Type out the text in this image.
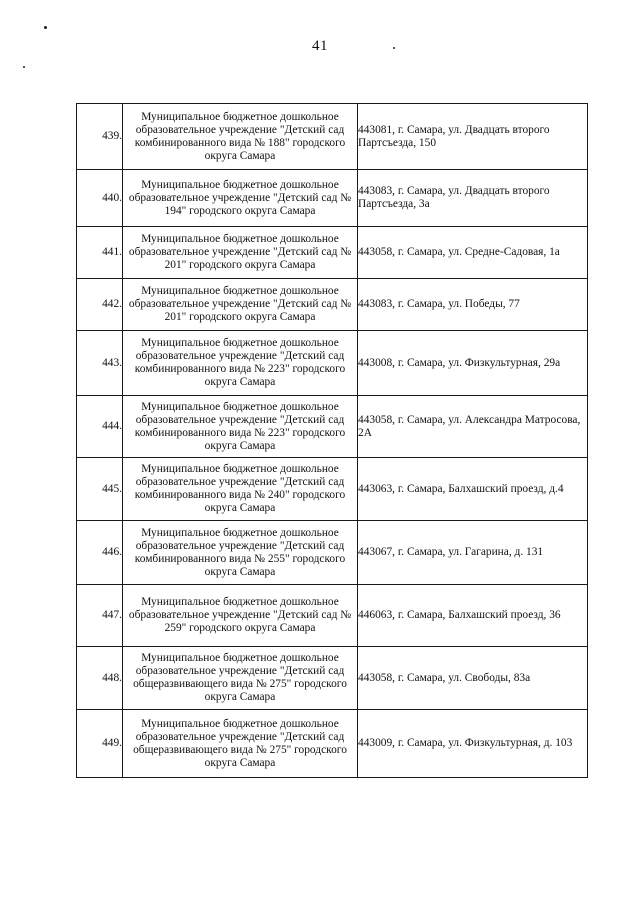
41
439.	Муниципальное бюджетное дошкольное образовательное учреждение "Детский сад комбинированного вида № 188" городского округа Самара	443081, г. Самара, ул. Двадцать второго Партсъезда, 150
440.	Муниципальное бюджетное дошкольное образовательное учреждение "Детский сад № 194" городского округа Самара	443083, г. Самара, ул. Двадцать второго Партсъезда, 3а
441.	Муниципальное бюджетное дошкольное образовательное учреждение "Детский сад № 201" городского округа Самара	443058, г. Самара, ул. Средне-Садовая, 1а
442.	Муниципальное бюджетное дошкольное образовательное учреждение "Детский сад № 201" городского округа Самара	443083, г. Самара, ул. Победы, 77
443.	Муниципальное бюджетное дошкольное образовательное учреждение "Детский сад комбинированного вида № 223" городского округа Самара	443008, г. Самара, ул. Физкультурная, 29а
444.	Муниципальное бюджетное дошкольное образовательное учреждение "Детский сад комбинированного вида № 223" городского округа Самара	443058, г. Самара, ул. Александра Матросова, 2А
445.	Муниципальное бюджетное дошкольное образовательное учреждение "Детский сад комбинированного вида № 240" городского округа Самара	443063, г. Самара, Балхашский проезд, д.4
446.	Муниципальное бюджетное дошкольное образовательное учреждение "Детский сад комбинированного вида № 255" городского округа Самара	443067, г. Самара, ул. Гагарина, д. 131
447.	Муниципальное бюджетное дошкольное образовательное учреждение "Детский сад № 259" городского округа Самара	446063, г. Самара, Балхашский проезд, 36
448.	Муниципальное бюджетное дошкольное образовательное учреждение "Детский сад общеразвивающего вида № 275" городского округа Самара	443058, г. Самара, ул. Свободы, 83а
449.	Муниципальное бюджетное дошкольное образовательное учреждение "Детский сад общеразвивающего вида № 275" городского округа Самара	443009, г. Самара, ул. Физкультурная, д. 103
